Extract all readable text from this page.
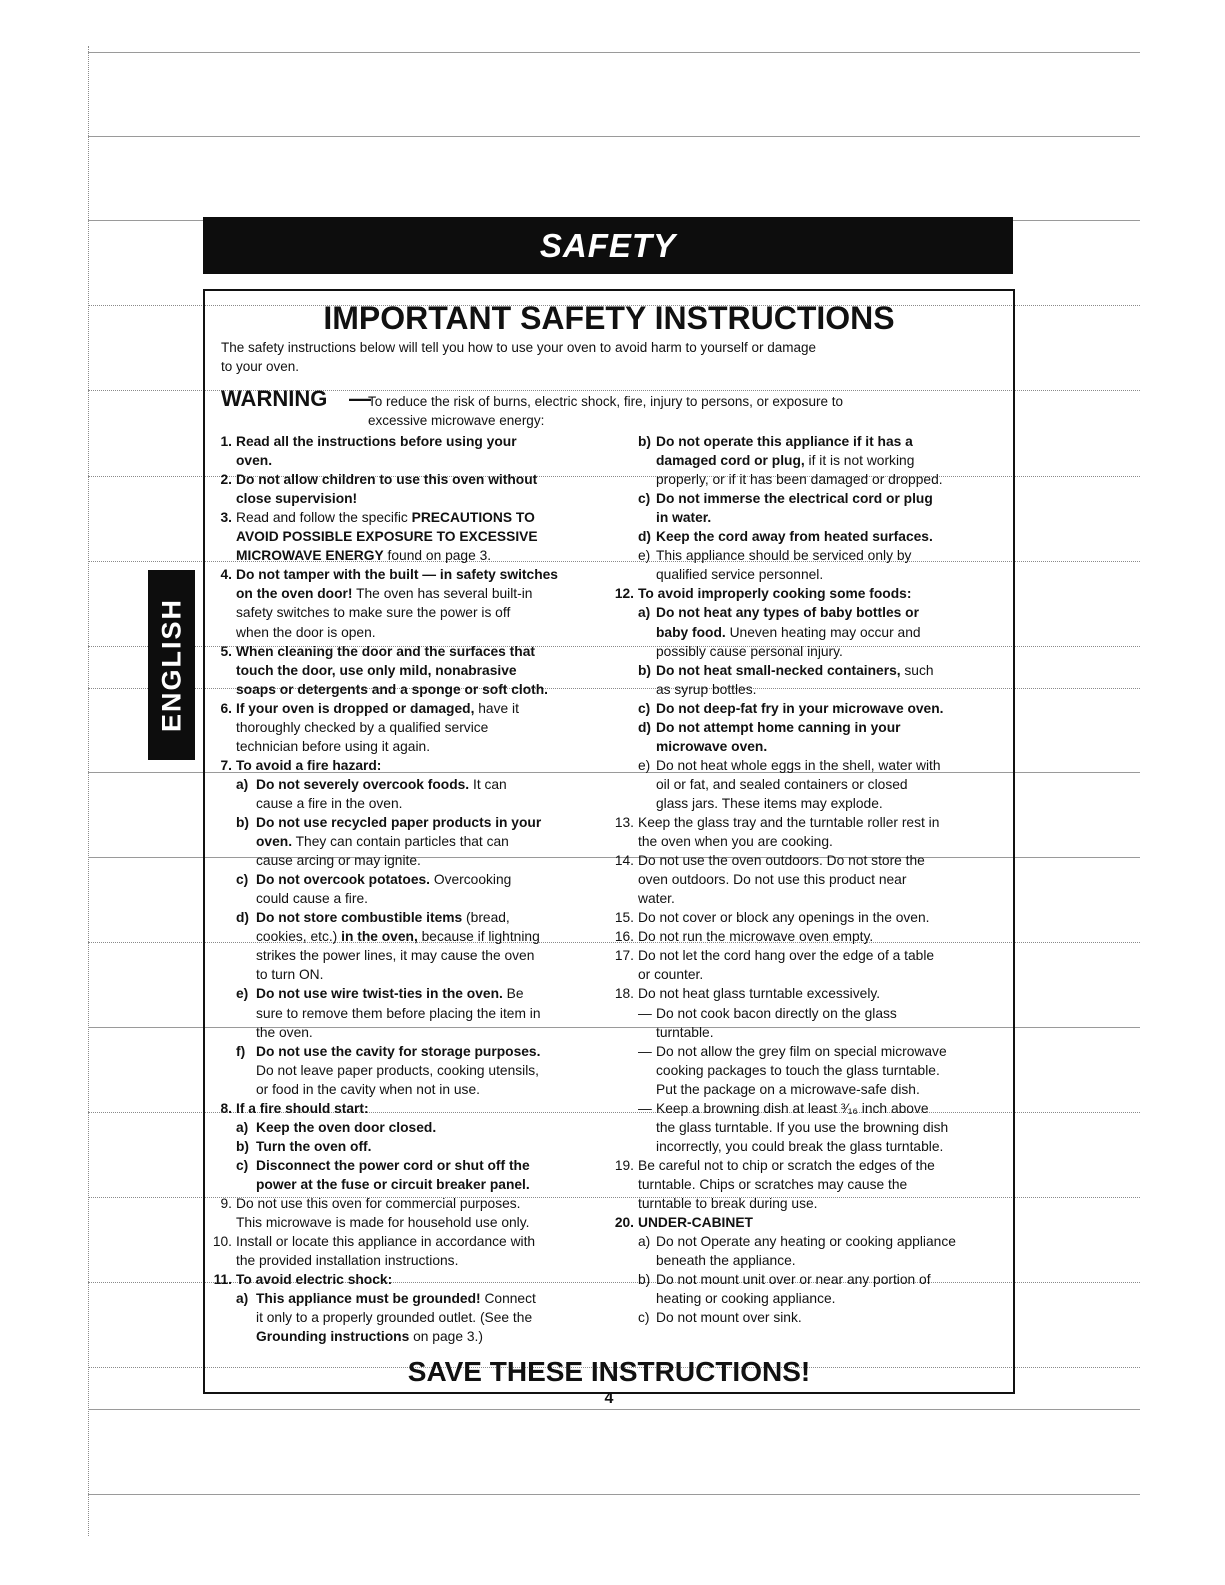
SAFETY
ENGLISH
IMPORTANT SAFETY INSTRUCTIONS
The safety instructions below will tell you how to use your oven to avoid harm to yourself or damage
to your oven.
WARNING —
To reduce the risk of burns, electric shock, fire, injury to persons, or exposure to
excessive microwave energy:
SAVE THESE INSTRUCTIONS!
4
1. Read all the instructions before using your
oven.
2. Do not allow children to use this oven without
close supervision!
3. Read and follow the specific PRECAUTIONS TO
AVOID POSSIBLE EXPOSURE TO EXCESSIVE
MICROWAVE ENERGY found on page 3.
4. Do not tamper with the built — in safety switches
on the oven door! The oven has several built-in
safety switches to make sure the power is off
when the door is open.
5. When cleaning the door and the surfaces that
touch the door, use only mild, nonabrasive
soaps or detergents and a sponge or soft cloth.
6. If your oven is dropped or damaged, have it
thoroughly checked by a qualified service
technician before using it again.
7. To avoid a fire hazard:
a) Do not severely overcook foods. It can
cause a fire in the oven.
b) Do not use recycled paper products in your
oven. They can contain particles that can
cause arcing or may ignite.
c) Do not overcook potatoes. Overcooking
could cause a fire.
d) Do not store combustible items (bread,
cookies, etc.) in the oven, because if lightning
strikes the power lines, it may cause the oven
to turn ON.
e) Do not use wire twist-ties in the oven. Be
sure to remove them before placing the item in
the oven.
f) Do not use the cavity for storage purposes.
Do not leave paper products, cooking utensils,
or food in the cavity when not in use.
8. If a fire should start:
a) Keep the oven door closed.
b) Turn the oven off.
c) Disconnect the power cord or shut off the
power at the fuse or circuit breaker panel.
9. Do not use this oven for commercial purposes.
This microwave is made for household use only.
10. Install or locate this appliance in accordance with
the provided installation instructions.
11. To avoid electric shock:
a) This appliance must be grounded! Connect
it only to a properly grounded outlet. (See the
Grounding instructions on page 3.)
b) Do not operate this appliance if it has a
damaged cord or plug, if it is not working
properly, or if it has been damaged or dropped.
c) Do not immerse the electrical cord or plug
in water.
d) Keep the cord away from heated surfaces.
e) This appliance should be serviced only by
qualified service personnel.
12. To avoid improperly cooking some foods:
a) Do not heat any types of baby bottles or
baby food. Uneven heating may occur and
possibly cause personal injury.
b) Do not heat small-necked containers, such
as syrup bottles.
c) Do not deep-fat fry in your microwave oven.
d) Do not attempt home canning in your
microwave oven.
e) Do not heat whole eggs in the shell, water with
oil or fat, and sealed containers or closed
glass jars. These items may explode.
13. Keep the glass tray and the turntable roller rest in
the oven when you are cooking.
14. Do not use the oven outdoors. Do not store the
oven outdoors. Do not use this product near
water.
15. Do not cover or block any openings in the oven.
16. Do not run the microwave oven empty.
17. Do not let the cord hang over the edge of a table
or counter.
18. Do not heat glass turntable excessively.
— Do not cook bacon directly on the glass
turntable.
— Do not allow the grey film on special microwave
cooking packages to touch the glass turntable.
Put the package on a microwave-safe dish.
— Keep a browning dish at least ³⁄₁₆ inch above
the glass turntable. If you use the browning dish
incorrectly, you could break the glass turntable.
19. Be careful not to chip or scratch the edges of the
turntable. Chips or scratches may cause the
turntable to break during use.
20. UNDER-CABINET
a) Do not Operate any heating or cooking appliance
beneath the appliance.
b) Do not mount unit over or near any portion of
heating or cooking appliance.
c) Do not mount over sink.
